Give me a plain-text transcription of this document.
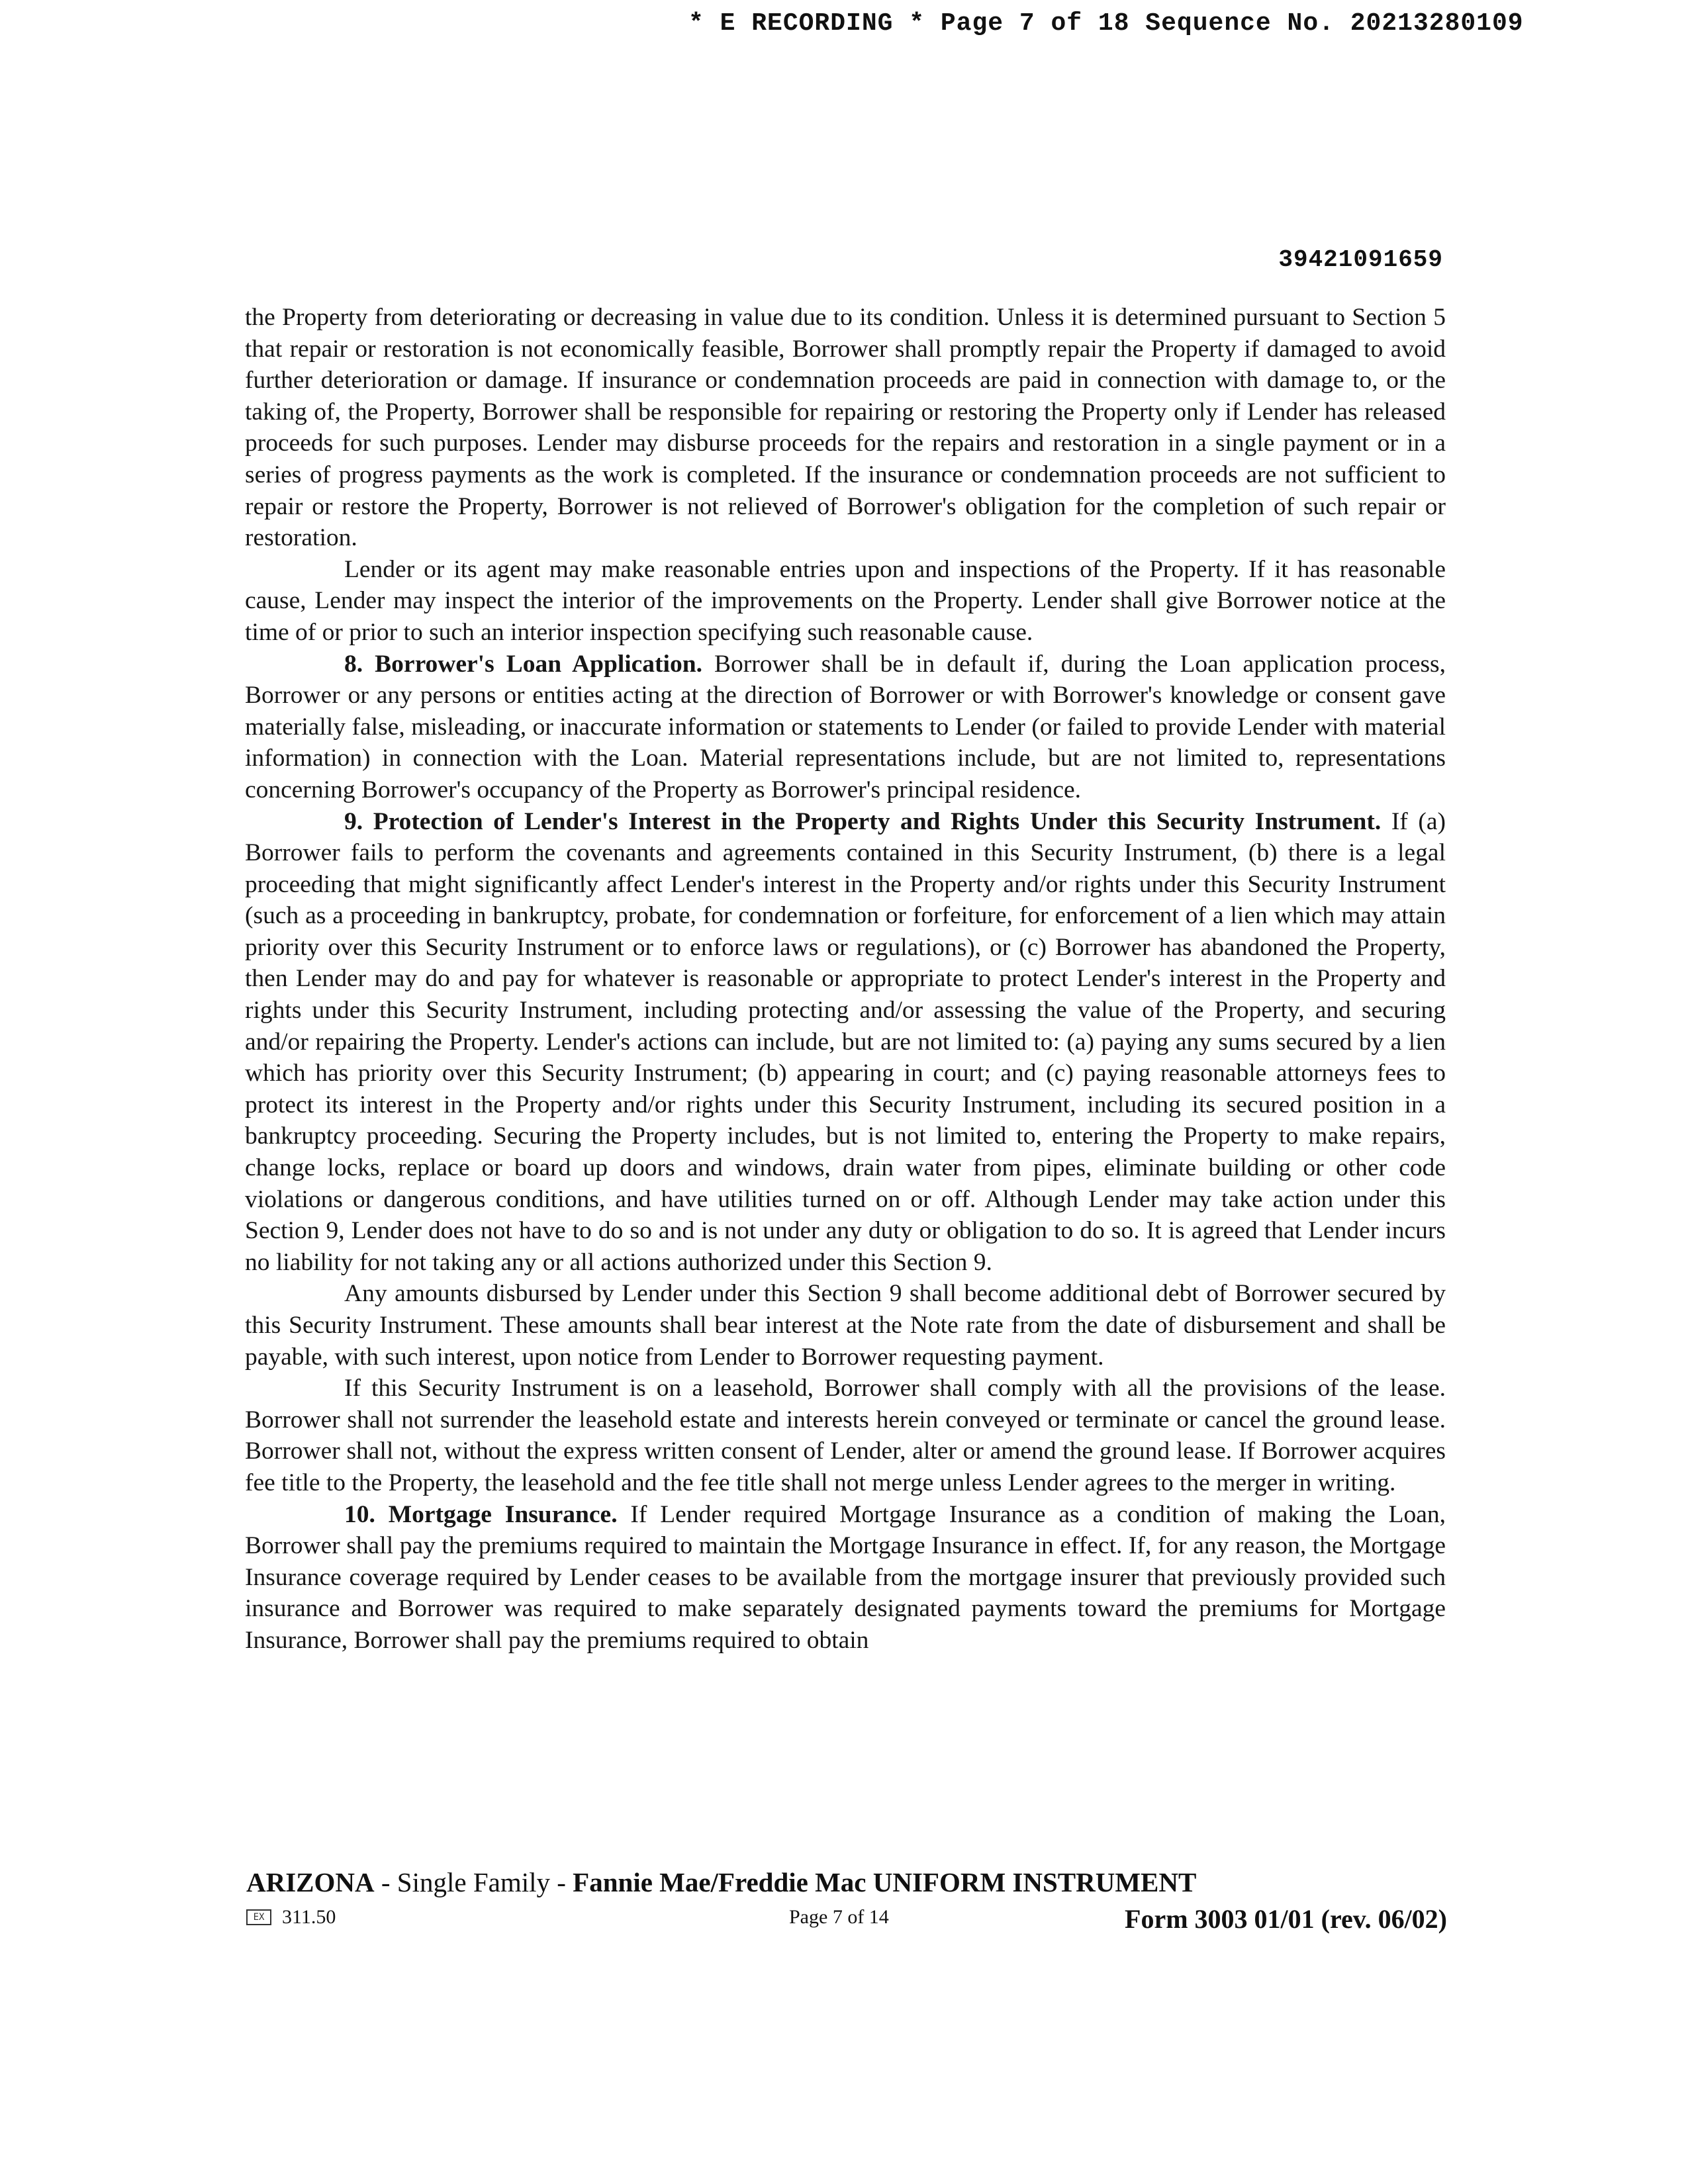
* E RECORDING * Page 7 of 18 Sequence No. 20213280109
39421091659

the Property from deteriorating or decreasing in value due to its condition. Unless it is determined pursuant to Section 5 that repair or restoration is not economically feasible, Borrower shall promptly repair the Property if damaged to avoid further deterioration or damage. If insurance or condemnation proceeds are paid in connection with damage to, or the taking of, the Property, Borrower shall be responsible for repairing or restoring the Property only if Lender has released proceeds for such purposes. Lender may disburse proceeds for the repairs and restoration in a single payment or in a series of progress payments as the work is completed. If the insurance or condemnation proceeds are not sufficient to repair or restore the Property, Borrower is not relieved of Borrower's obligation for the completion of such repair or restoration.

Lender or its agent may make reasonable entries upon and inspections of the Property. If it has reasonable cause, Lender may inspect the interior of the improvements on the Property. Lender shall give Borrower notice at the time of or prior to such an interior inspection specifying such reasonable cause.

8. Borrower's Loan Application. Borrower shall be in default if, during the Loan application process, Borrower or any persons or entities acting at the direction of Borrower or with Borrower's knowledge or consent gave materially false, misleading, or inaccurate information or statements to Lender (or failed to provide Lender with material information) in connection with the Loan. Material representations include, but are not limited to, representations concerning Borrower's occupancy of the Property as Borrower's principal residence.

9. Protection of Lender's Interest in the Property and Rights Under this Security Instrument. If (a) Borrower fails to perform the covenants and agreements contained in this Security Instrument, (b) there is a legal proceeding that might significantly affect Lender's interest in the Property and/or rights under this Security Instrument (such as a proceeding in bankruptcy, probate, for condemnation or forfeiture, for enforcement of a lien which may attain priority over this Security Instrument or to enforce laws or regulations), or (c) Borrower has abandoned the Property, then Lender may do and pay for whatever is reasonable or appropriate to protect Lender's interest in the Property and rights under this Security Instrument, including protecting and/or assessing the value of the Property, and securing and/or repairing the Property. Lender's actions can include, but are not limited to: (a) paying any sums secured by a lien which has priority over this Security Instrument; (b) appearing in court; and (c) paying reasonable attorneys fees to protect its interest in the Property and/or rights under this Security Instrument, including its secured position in a bankruptcy proceeding. Securing the Property includes, but is not limited to, entering the Property to make repairs, change locks, replace or board up doors and windows, drain water from pipes, eliminate building or other code violations or dangerous conditions, and have utilities turned on or off. Although Lender may take action under this Section 9, Lender does not have to do so and is not under any duty or obligation to do so. It is agreed that Lender incurs no liability for not taking any or all actions authorized under this Section 9.

Any amounts disbursed by Lender under this Section 9 shall become additional debt of Borrower secured by this Security Instrument. These amounts shall bear interest at the Note rate from the date of disbursement and shall be payable, with such interest, upon notice from Lender to Borrower requesting payment.

If this Security Instrument is on a leasehold, Borrower shall comply with all the provisions of the lease. Borrower shall not surrender the leasehold estate and interests herein conveyed or terminate or cancel the ground lease. Borrower shall not, without the express written consent of Lender, alter or amend the ground lease. If Borrower acquires fee title to the Property, the leasehold and the fee title shall not merge unless Lender agrees to the merger in writing.

10. Mortgage Insurance. If Lender required Mortgage Insurance as a condition of making the Loan, Borrower shall pay the premiums required to maintain the Mortgage Insurance in effect. If, for any reason, the Mortgage Insurance coverage required by Lender ceases to be available from the mortgage insurer that previously provided such insurance and Borrower was required to make separately designated payments toward the premiums for Mortgage Insurance, Borrower shall pay the premiums required to obtain

ARIZONA - Single Family - Fannie Mae/Freddie Mac UNIFORM INSTRUMENT
EX 311.50	Page 7 of 14	Form 3003 01/01 (rev. 06/02)
